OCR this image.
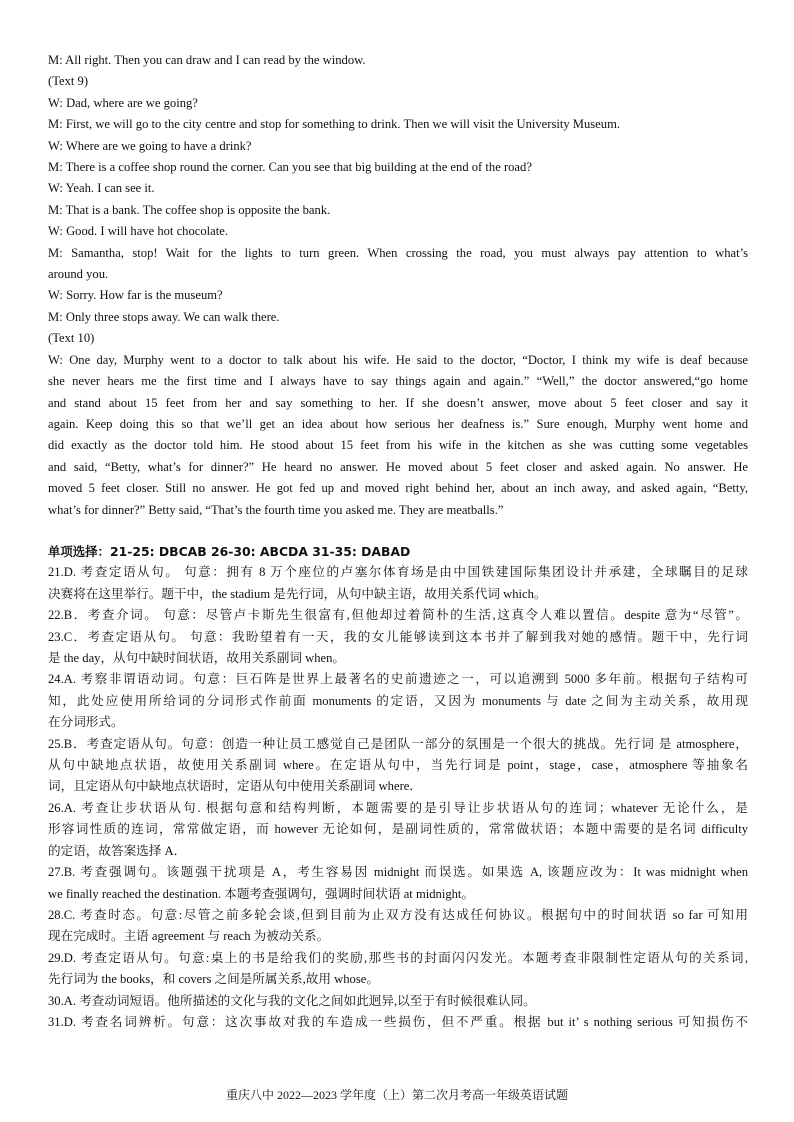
M: All right. Then you can draw and I can read by the window.
(Text 9)
W: Dad, where are we going?
M: First, we will go to the city centre and stop for something to drink. Then we will visit the University Museum.
W: Where are we going to have a drink?
M: There is a coffee shop round the corner. Can you see that big building at the end of the road?
W: Yeah. I can see it.
M: That is a bank. The coffee shop is opposite the bank.
W: Good. I will have hot chocolate.
M: Samantha, stop! Wait for the lights to turn green. When crossing the road, you must always pay attention to what’s
around you.
W: Sorry. How far is the museum?
M: Only three stops away. We can walk there.
(Text 10)
W: One day, Murphy went to a doctor to talk about his wife. He said to the doctor, “Doctor, I think my wife is deaf because
she never hears me the first time and I always have to say things again and again.” “Well,” the doctor answered,“go home
and stand about 15 feet from her and say something to her. If she doesn’t answer, move about 5 feet closer and say it
again. Keep doing this so that we’ll get an idea about how serious her deafness is.” Sure enough, Murphy went home and
did exactly as the doctor told him. He stood about 15 feet from his wife in the kitchen as she was cutting some vegetables
and said, “Betty, what’s for dinner?” He heard no answer. He moved about 5 feet closer and asked again. No answer. He
moved 5 feet closer. Still no answer. He got fed up and moved right behind her, about an inch away, and asked again, “Betty,
what’s for dinner?” Betty said, “That’s the fourth time you asked me. They are meatballs.”
单项选择：21-25: DBCAB 26-30: ABCDA 31-35: DABAD
21.D. 考查定语从句。 句意：拥有 8 万个座位的卢塞尔体育场是由中国铁建国际集团设计并承建，全球瞩目的足球
决赛将在这里举行。题干中，the stadium 是先行词，从句中缺主语，故用关系代词 which。
22.B．考查介词。 句意：尽管卢卡斯先生很富有,但他却过着简朴的生活,这真令人难以置信。despite 意为“尽管”。
23.C．考查定语从句。 句意：我盼望着有一天，我的女儿能够读到这本书并了解到我对她的感情。题干中，先行词
是 the day，从句中缺时间状语，故用关系副词 when。
24.A. 考察非谓语动词。句意：巨石阵是世界上最著名的史前遗迹之一，可以追溯到 5000 多年前。根据句子结构可
知，此处应使用所给词的分词形式作前面 monuments 的定语，又因为 monuments 与 date 之间为主动关系，故用现
在分词形式。
25.B．考查定语从句。句意：创造一种让员工感觉自己是团队一部分的氛围是一个很大的挑战。先行词 是 atmosphere，
从句中缺地点状语，故使用关系副词 where。在定语从句中，当先行词是 point，stage，case，atmosphere 等抽象名
词，且定语从句中缺地点状语时，定语从句中使用关系副词 where．
26.A. 考查让步状语从句. 根据句意和结构判断，本题需要的是引导让步状语从句的连词；whatever 无论什么，是
形容词性质的连词，常常做定语，而 however 无论如何，是副词性质的，常常做状语；本题中需要的是名词 difficulty
的定语，故答案选择 A．
27.B. 考查强调句。该题强干扰项是 A，考生容易因 midnight 而误选。如果选 A, 该题应改为：It was midnight when
we finally reached the destination. 本题考查强调句，强调时间状语 at midnight。
28.C. 考查时态。句意:尽管之前多轮会谈,但到目前为止双方没有达成任何协议。根据句中的时间状语 so far 可知用
现在完成时。主语 agreement 与 reach 为被动关系。
29.D. 考查定语从句。句意:桌上的书是给我们的奖励,那些书的封面闪闪发光。本题考查非限制性定语从句的关系词,
先行词为 the books，和 covers 之间是所属关系,故用 whose。
30.A. 考查动词短语。他所描述的文化与我的文化之间如此迥异,以至于有时候很难认同。
31.D. 考查名词辨析。句意：这次事故对我的车造成一些损伤，但不严重。根据 but it’ s nothing serious 可知损伤不
重庆八中 2022—2023 学年度（上）第二次月考高一年级英语试题
